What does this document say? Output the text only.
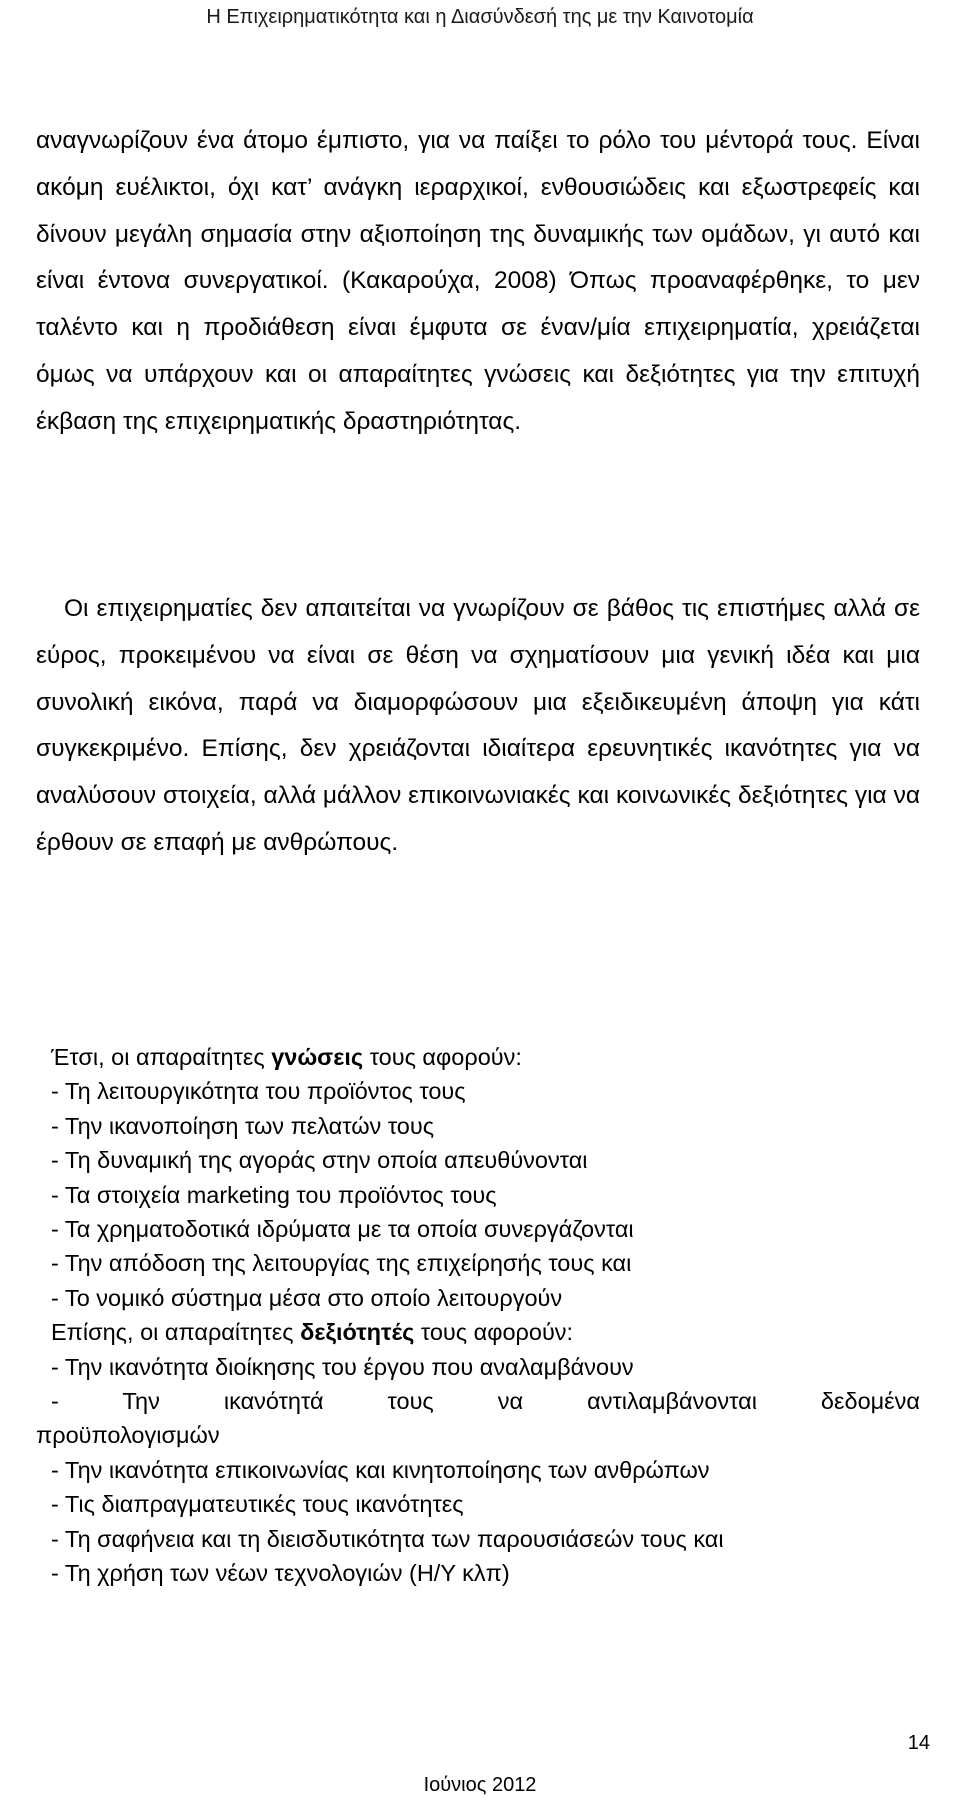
Η Επιχειρηματικότητα και η Διασύνδεσή της με την Καινοτομία

αναγνωρίζουν ένα άτομο έμπιστο, για να παίξει το ρόλο του μέντορά τους. Είναι ακόμη ευέλικτοι, όχι κατ’ ανάγκη ιεραρχικοί, ενθουσιώδεις και εξωστρεφείς και δίνουν μεγάλη σημασία στην αξιοποίηση της δυναμικής των ομάδων, γι αυτό και είναι έντονα συνεργατικοί. (Κακαρούχα, 2008) Όπως προαναφέρθηκε, το μεν ταλέντο και η προδιάθεση είναι έμφυτα σε έναν/μία επιχειρηματία, χρειάζεται όμως να υπάρχουν και οι απαραίτητες γνώσεις και δεξιότητες για την επιτυχή έκβαση της επιχειρηματικής δραστηριότητας.

Οι επιχειρηματίες δεν απαιτείται να γνωρίζουν σε βάθος τις επιστήμες αλλά σε εύρος, προκειμένου να είναι σε θέση να σχηματίσουν μια γενική ιδέα και μια συνολική εικόνα, παρά να διαμορφώσουν μια εξειδικευμένη άποψη για κάτι συγκεκριμένο. Επίσης, δεν χρειάζονται ιδιαίτερα ερευνητικές ικανότητες για να αναλύσουν στοιχεία, αλλά μάλλον επικοινωνιακές και κοινωνικές δεξιότητες για να έρθουν σε επαφή με ανθρώπους.

Έτσι, οι απαραίτητες γνώσεις τους αφορούν:
- Τη λειτουργικότητα του προϊόντος τους
- Την ικανοποίηση των πελατών τους
- Τη δυναμική της αγοράς στην οποία απευθύνονται
- Τα στοιχεία marketing του προϊόντος τους
- Τα χρηματοδοτικά ιδρύματα με τα οποία συνεργάζονται
- Την απόδοση της λειτουργίας της επιχείρησής τους και
- Το νομικό σύστημα μέσα στο οποίο λειτουργούν
Επίσης, οι απαραίτητες δεξιότητές τους αφορούν:
- Την ικανότητα διοίκησης του έργου που αναλαμβάνουν
- Την ικανότητά τους να αντιλαμβάνονται δεδομένα
προϋπολογισμών
- Την ικανότητα επικοινωνίας και κινητοποίησης των ανθρώπων
- Τις διαπραγματευτικές τους ικανότητες
- Τη σαφήνεια και τη διεισδυτικότητα των παρουσιάσεών τους και
- Τη χρήση των νέων τεχνολογιών (Η/Υ κλπ)
14
Ιούνιος 2012
